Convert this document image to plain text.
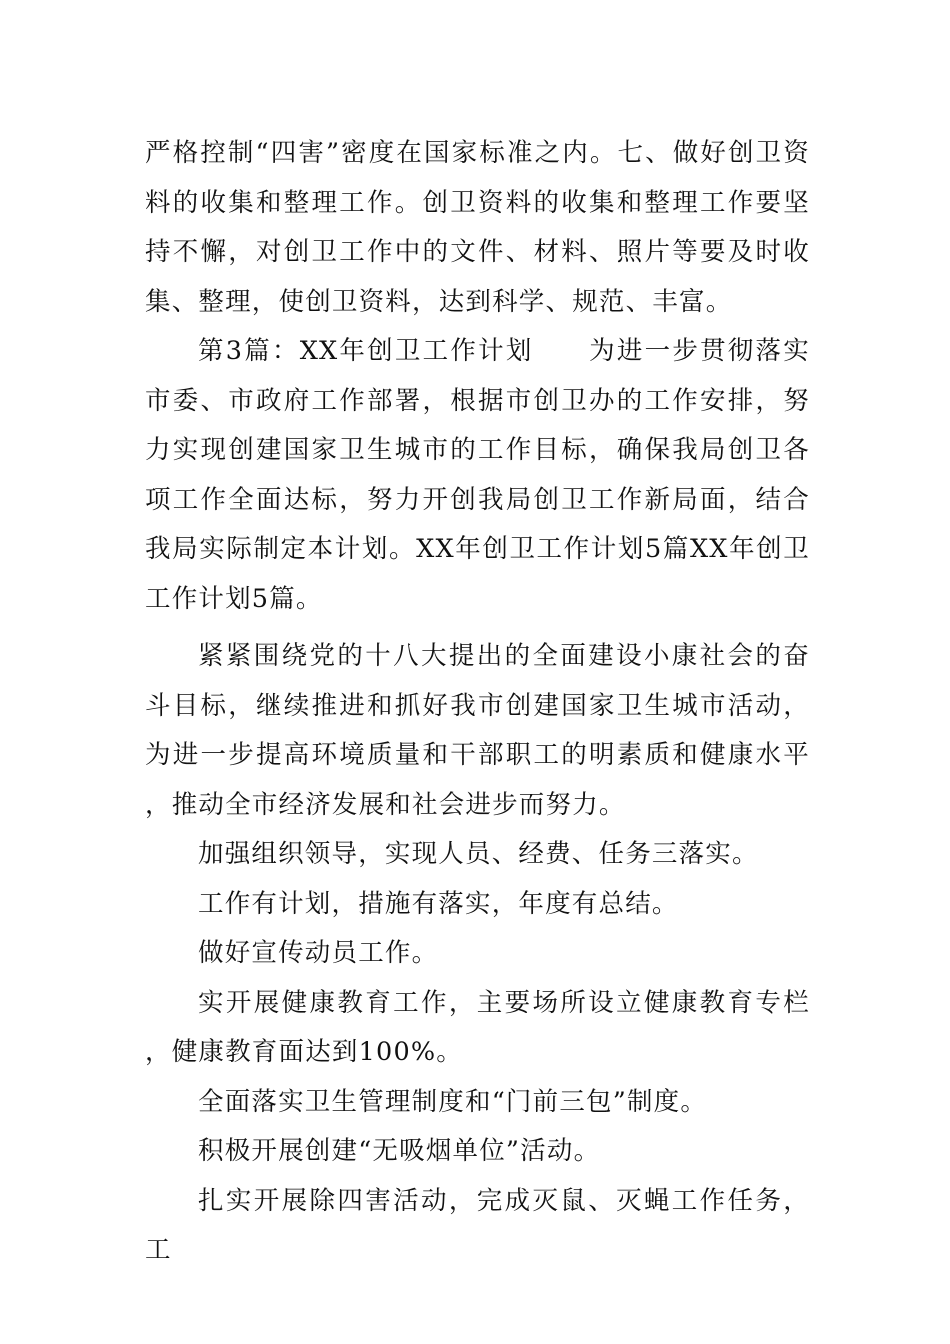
严格控制“四害”密度在国家标准之内。七、做好创卫资料的收集和整理工作。创卫资料的收集和整理工作要坚持不懈，对创卫工作中的文件、材料、照片等要及时收集、整理，使创卫资料，达到科学、规范、丰富。

第3篇：XX年创卫工作计划　　为进一步贯彻落实市委、市政府工作部署，根据市创卫办的工作安排，努力实现创建国家卫生城市的工作目标，确保我局创卫各项工作全面达标，努力开创我局创卫工作新局面，结合我局实际制定本计划。XX年创卫工作计划5篇XX年创卫工作计划5篇。

紧紧围绕党的十八大提出的全面建设小康社会的奋斗目标，继续推进和抓好我市创建国家卫生城市活动，为进一步提高环境质量和干部职工的明素质和健康水平，推动全市经济发展和社会进步而努力。

加强组织领导，实现人员、经费、任务三落实。

工作有计划，措施有落实，年度有总结。

做好宣传动员工作。

实开展健康教育工作，主要场所设立健康教育专栏，健康教育面达到100%。

全面落实卫生管理制度和“门前三包”制度。

积极开展创建“无吸烟单位”活动。

扎实开展除四害活动，完成灭鼠、灭蝇工作任务，工
